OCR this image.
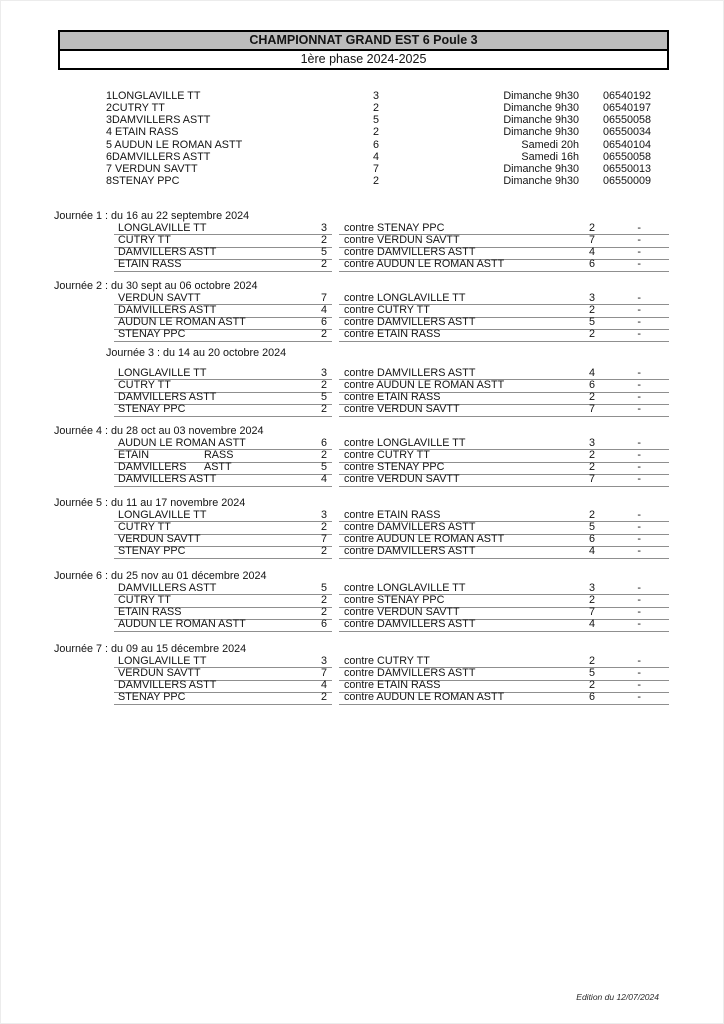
CHAMPIONNAT GRAND EST 6 Poule 3
1ère phase 2024-2025
1LONGLAVILLE TT	3	Dimanche 9h30 06540192
2CUTRY TT	2	Dimanche 9h30 06540197
3DAMVILLERS ASTT	5	Dimanche 9h30 06550058
4 ETAIN RASS	2	Dimanche 9h30 06550034
5 AUDUN LE ROMAN ASTT	6	Samedi 20h 06540104
6DAMVILLERS ASTT	4	Samedi 16h 06550058
7 VERDUN SAVTT	7	Dimanche 9h30 06550013
8STENAY PPC	2	Dimanche 9h30 06550009
Journée 1 : du 16 au 22 septembre 2024
LONGLAVILLE TT	3 contre STENAY PPC	2	-
CUTRY TT	2 contre VERDUN SAVTT	7	-
DAMVILLERS ASTT	5 contre DAMVILLERS ASTT	4	-
ETAIN RASS	2 contre AUDUN LE ROMAN ASTT	6	-
Journée 2 : du 30 sept au 06 octobre 2024
VERDUN SAVTT	7 contre LONGLAVILLE TT	3	-
DAMVILLERS ASTT	4 contre CUTRY TT	2	-
AUDUN LE ROMAN ASTT	6 contre DAMVILLERS ASTT	5	-
STENAY PPC	2 contre ETAIN RASS	2	-
Journée 3 : du 14 au 20 octobre 2024
LONGLAVILLE TT	3 contre DAMVILLERS ASTT	4	-
CUTRY TT	2 contre AUDUN LE ROMAN ASTT	6	-
DAMVILLERS ASTT	5 contre ETAIN RASS	2	-
STENAY PPC	2 contre VERDUN SAVTT	7	-
Journée 4 : du 28 oct au 03 novembre 2024
AUDUN LE ROMAN ASTT	6 contre LONGLAVILLE TT	3	-
ETAIN	RASS	2 contre CUTRY TT	2	-
DAMVILLERS ASTT	5 contre STENAY PPC	2	-
DAMVILLERS ASTT	4 contre VERDUN SAVTT	7	-
Journée 5 : du 11 au 17 novembre 2024
LONGLAVILLE TT	3 contre ETAIN RASS	2	-
CUTRY TT	2 contre DAMVILLERS ASTT	5	-
VERDUN SAVTT	7 contre AUDUN LE ROMAN ASTT	6	-
STENAY PPC	2 contre DAMVILLERS ASTT	4	-
Journée 6 : du 25 nov au 01 décembre 2024
DAMVILLERS ASTT	5 contre LONGLAVILLE TT	3	-
CUTRY TT	2 contre STENAY PPC	2	-
ETAIN RASS	2 contre VERDUN SAVTT	7	-
AUDUN LE ROMAN ASTT	6 contre DAMVILLERS ASTT	4	-
Journée 7 : du 09 au 15 décembre 2024
LONGLAVILLE TT	3 contre CUTRY TT	2	-
VERDUN SAVTT	7 contre DAMVILLERS ASTT	5	-
DAMVILLERS ASTT	4 contre ETAIN RASS	2	-
STENAY PPC	2 contre AUDUN LE ROMAN ASTT	6	-
Edition du 12/07/2024
